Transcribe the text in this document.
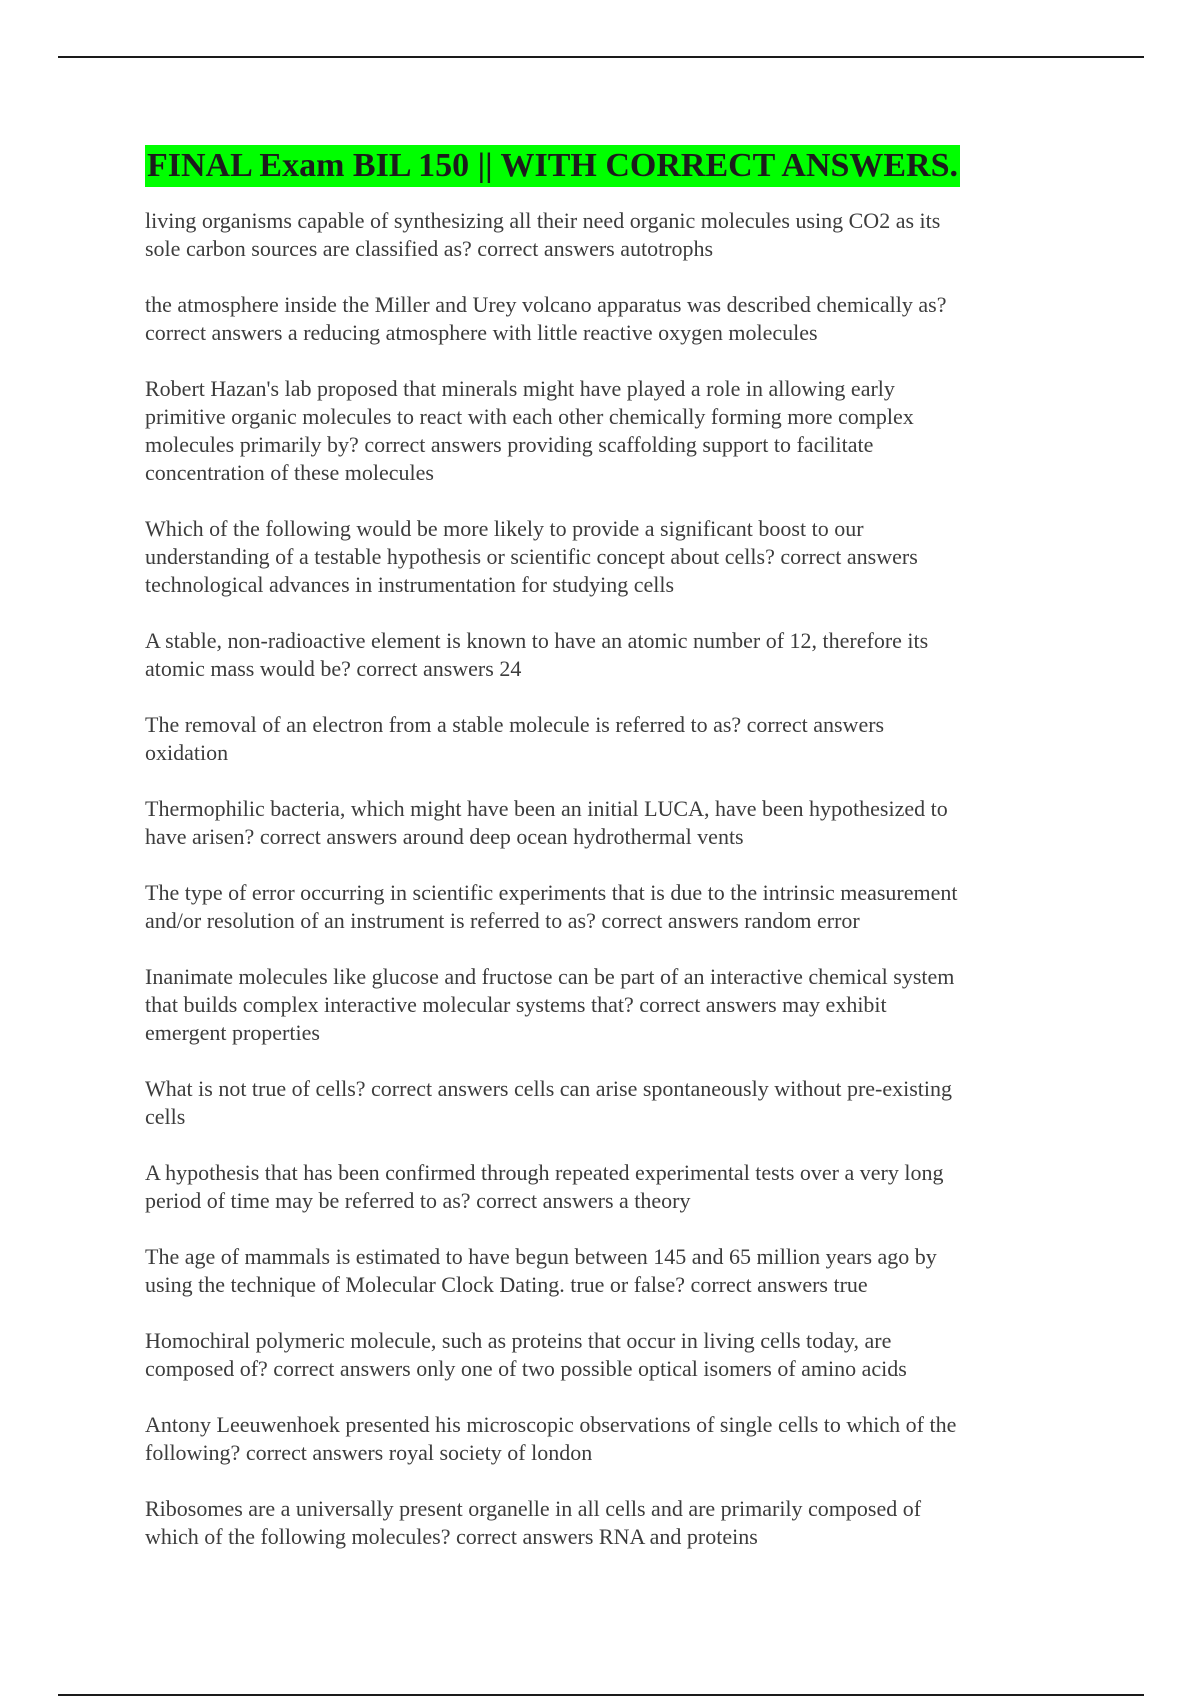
FINAL Exam BIL 150 || WITH CORRECT ANSWERS.

living organisms capable of synthesizing all their need organic molecules using CO2 as its
sole carbon sources are classified as? correct answers autotrophs

the atmosphere inside the Miller and Urey volcano apparatus was described chemically as?
correct answers a reducing atmosphere with little reactive oxygen molecules

Robert Hazan's lab proposed that minerals might have played a role in allowing early
primitive organic molecules to react with each other chemically forming more complex
molecules primarily by? correct answers providing scaffolding support to facilitate
concentration of these molecules

Which of the following would be more likely to provide a significant boost to our
understanding of a testable hypothesis or scientific concept about cells? correct answers
technological advances in instrumentation for studying cells

A stable, non-radioactive element is known to have an atomic number of 12, therefore its
atomic mass would be? correct answers 24

The removal of an electron from a stable molecule is referred to as? correct answers
oxidation

Thermophilic bacteria, which might have been an initial LUCA, have been hypothesized to
have arisen? correct answers around deep ocean hydrothermal vents

The type of error occurring in scientific experiments that is due to the intrinsic measurement
and/or resolution of an instrument is referred to as? correct answers random error

Inanimate molecules like glucose and fructose can be part of an interactive chemical system
that builds complex interactive molecular systems that? correct answers may exhibit
emergent properties

What is not true of cells? correct answers cells can arise spontaneously without pre-existing
cells

A hypothesis that has been confirmed through repeated experimental tests over a very long
period of time may be referred to as? correct answers a theory

The age of mammals is estimated to have begun between 145 and 65 million years ago by
using the technique of Molecular Clock Dating. true or false? correct answers true

Homochiral polymeric molecule, such as proteins that occur in living cells today, are
composed of? correct answers only one of two possible optical isomers of amino acids

Antony Leeuwenhoek presented his microscopic observations of single cells to which of the
following? correct answers royal society of london

Ribosomes are a universally present organelle in all cells and are primarily composed of
which of the following molecules? correct answers RNA and proteins
